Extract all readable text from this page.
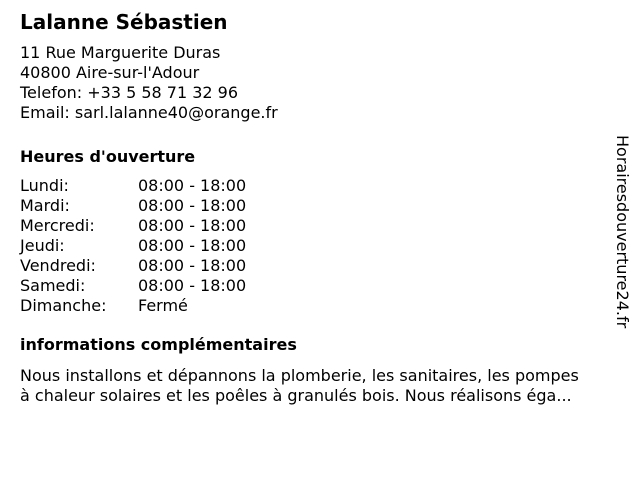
Lalanne Sébastien
11 Rue Marguerite Duras
40800 Aire-sur-l'Adour
Telefon: +33 5 58 71 32 96
Email: sarl.lalanne40@orange.fr
Heures d'ouverture
Lundi:	08:00 - 18:00
Mardi:	08:00 - 18:00
Mercredi:	08:00 - 18:00
Jeudi:	08:00 - 18:00
Vendredi:	08:00 - 18:00
Samedi:	08:00 - 18:00
Dimanche:	Fermé
informations complémentaires
Nous installons et dépannons la plomberie, les sanitaires, les pompes
à chaleur solaires et les poêles à granulés bois. Nous réalisons éga...
Horairesdouverture24.fr
